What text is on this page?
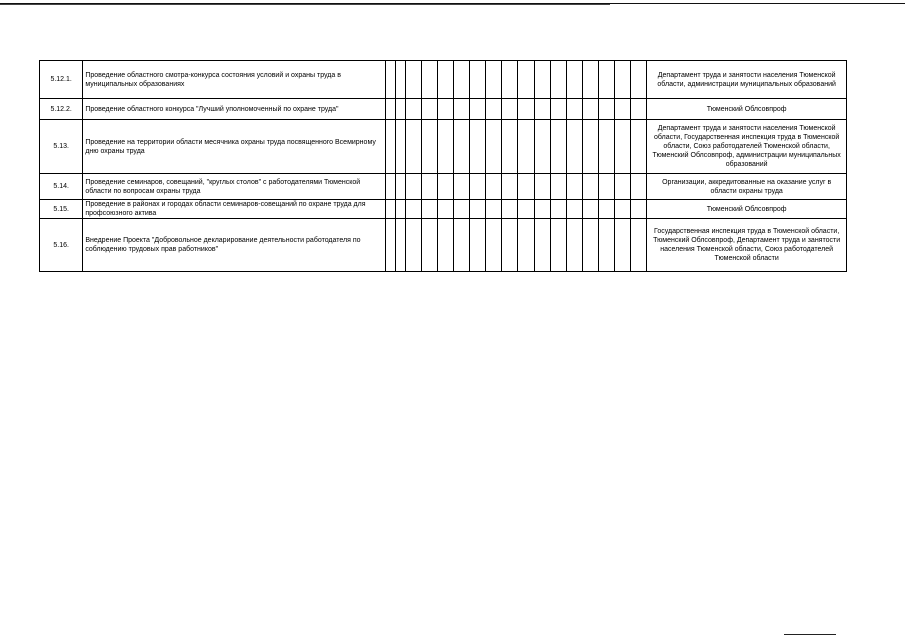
5.12.1.	Проведение областного смотра-конкурса состояния условий и охраны труда в муниципальных образованиях																		Департамент труда и занятости населения Тюменской области, администрации муниципальных образований
5.12.2.	Проведение областного конкурса "Лучший уполномоченный по охране труда"																		Тюменский Облсовпроф
5.13.	Проведение на территории области месячника охраны труда посвященного Всемирному дню охраны труда																		Департамент труда и занятости населения Тюменской области, Государственная инспекция труда в Тюменской области, Союз работодателей Тюменской области, Тюменский Облсовпроф, администрации муниципальных образований
5.14.	Проведение семинаров, совещаний, "круглых столов" с работодателями Тюменской области по вопросам охраны труда																		Организации, аккредитованные на оказание услуг в области охраны труда
5.15.	Проведение в районах и городах области семинаров-совещаний по охране труда для профсоюзного актива																		Тюменский Облсовпроф
5.16.	Внедрение Проекта "Добровольное декларирование деятельности работодателя по соблюдению трудовых прав работников"																		Государственная инспекция труда в Тюменской области, Тюменский Облсовпроф, Департамент труда и занятости населения Тюменской области, Союз работодателей Тюменской области
